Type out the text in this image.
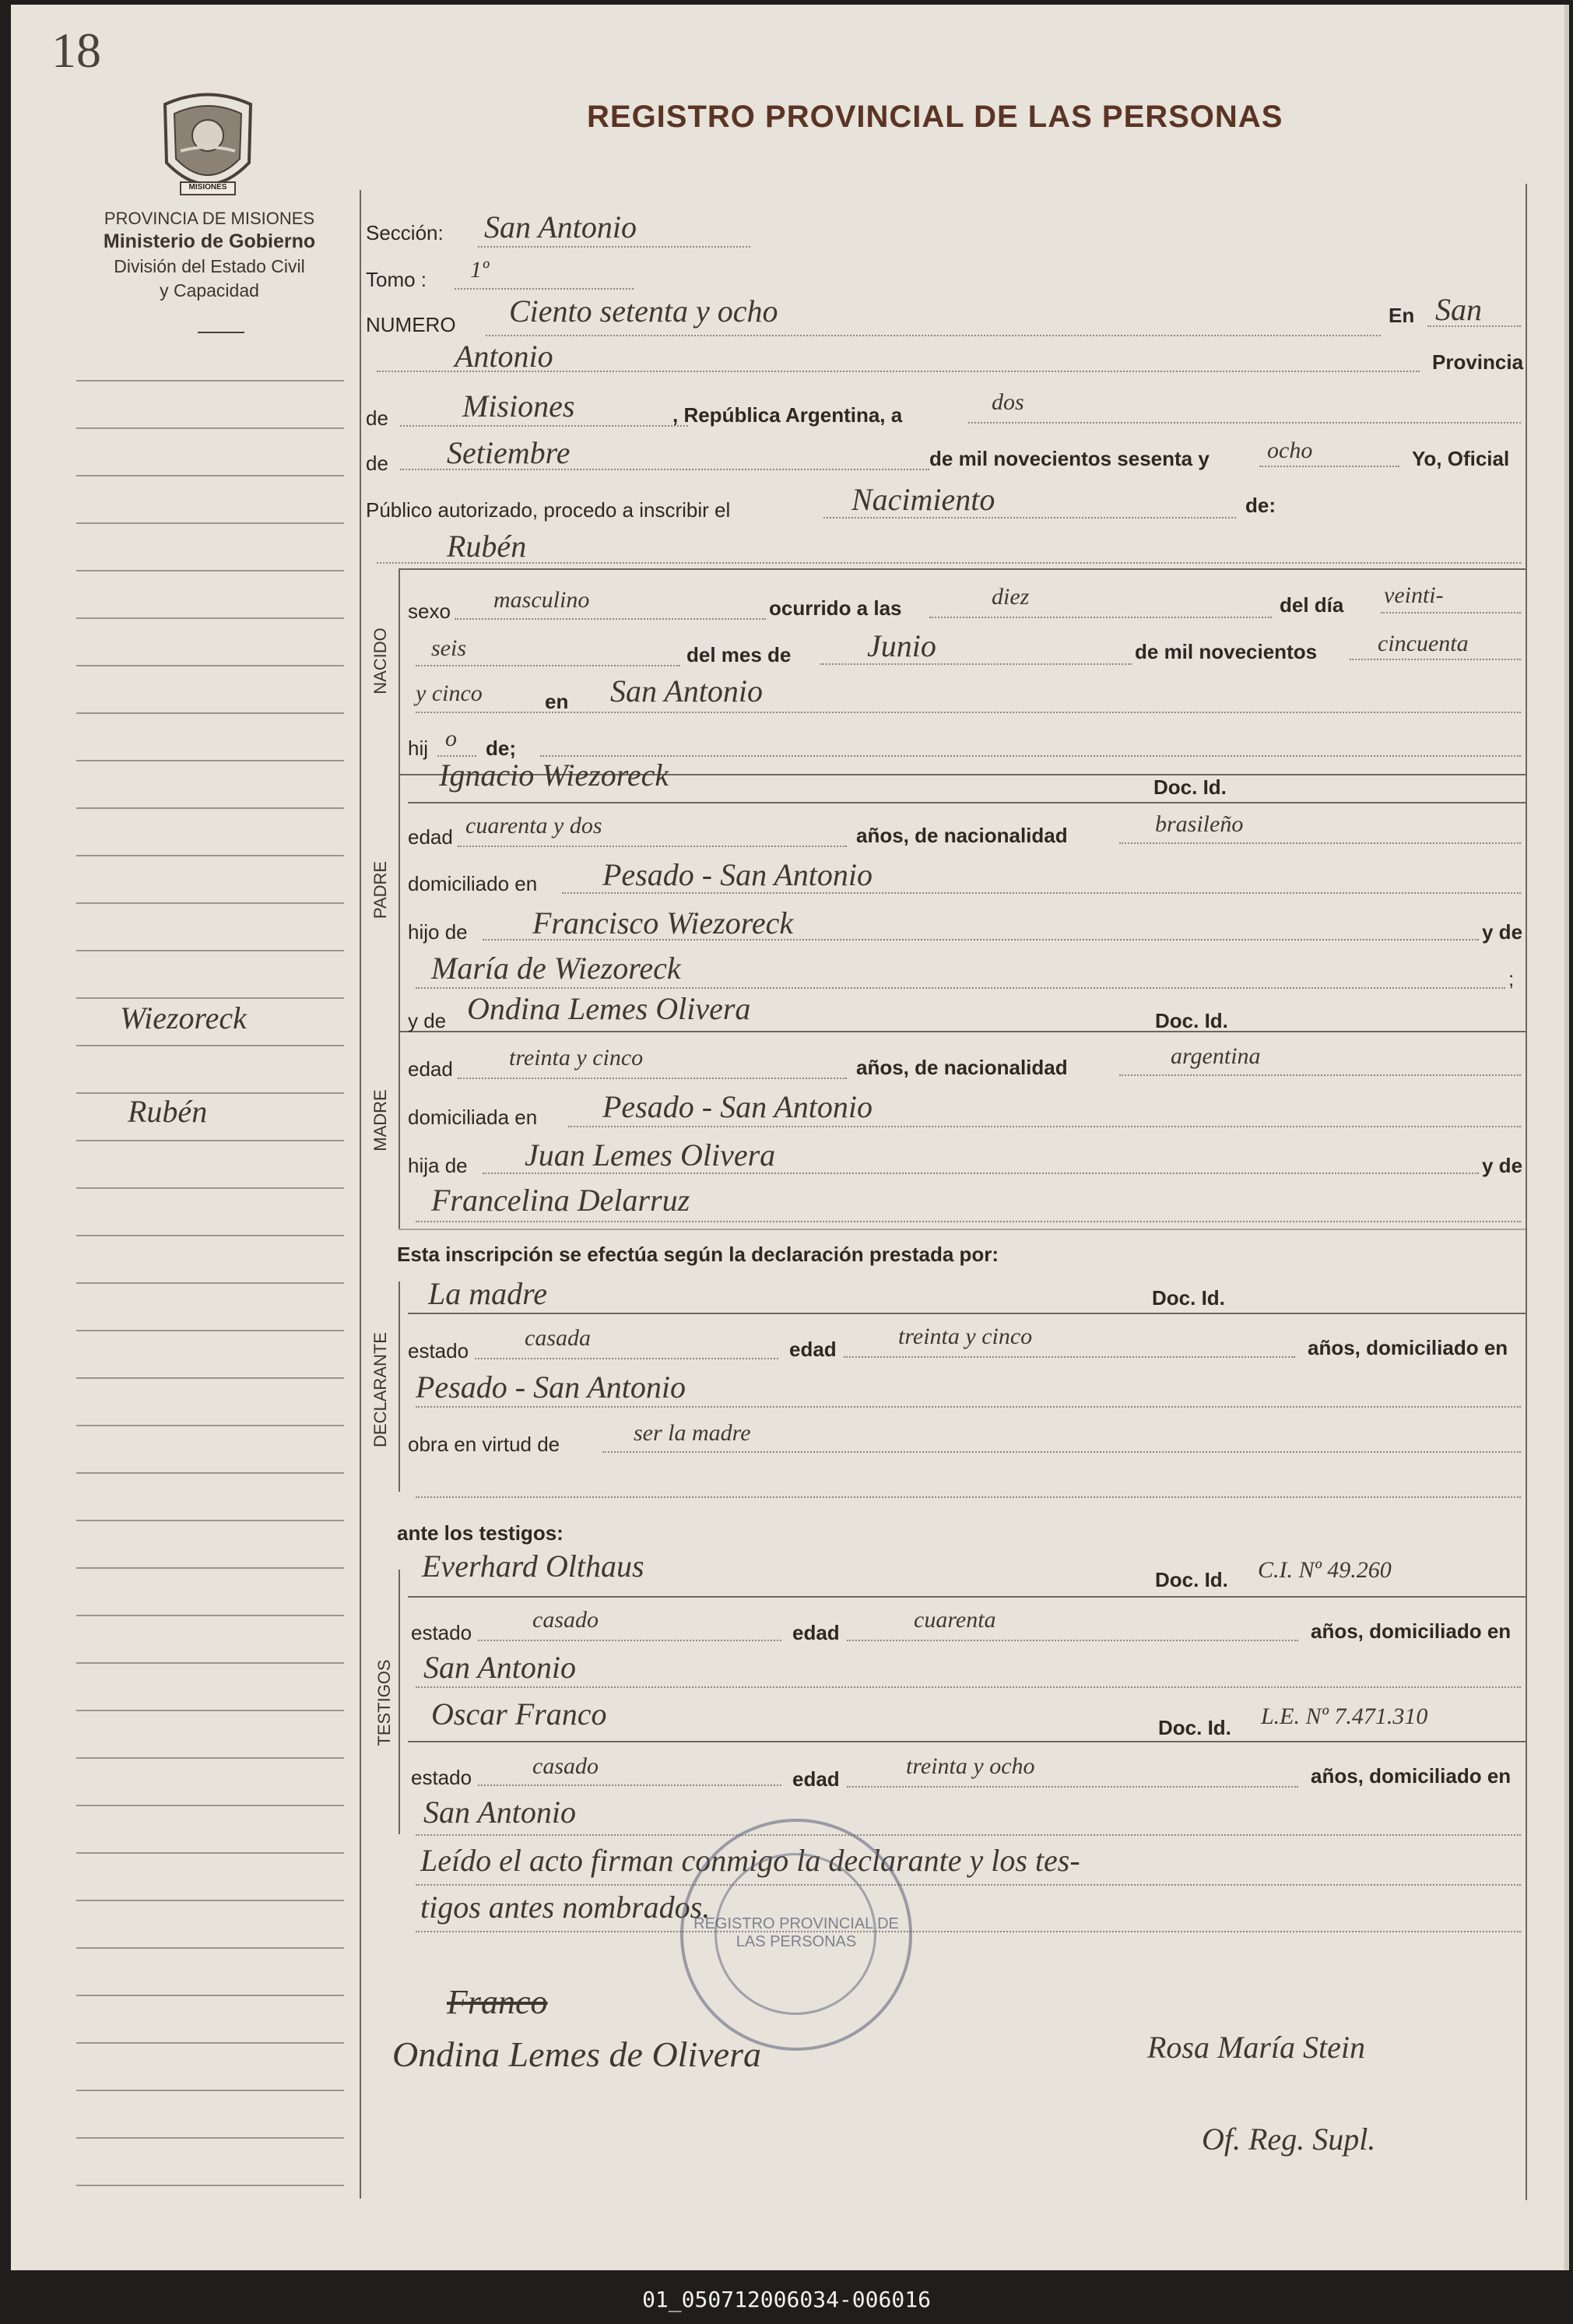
18
MISIONES
REGISTRO PROVINCIAL DE LAS PERSONAS
PROVINCIA DE MISIONES
Ministerio de Gobierno
División del Estado Civil
y Capacidad
Wiezoreck
Rubén
Sección: San Antonio
Tomo : 1º
NUMERO Ciento setenta y ocho	En San
Antonio	Provincia
de Misiones	, República Argentina, a	dos
de Setiembre	de mil novecientos sesenta y ocho	Yo, Oficial
Público autorizado, procedo a inscribir el	Nacimiento	de:
Rubén
NACIDO
sexo masculino	ocurrido a las	diez	del día veinti-
seis	del mes de Junio	de mil novecientos	cincuenta
y cinco	en San Antonio
hij o de;
PADRE
Ignacio Wiezoreck	Doc. Id.
edad cuarenta y dos	años, de nacionalidad	brasileño
domiciliado en Pesado - San Antonio
hijo de Francisco Wiezoreck	y de
María de Wiezoreck	;
MADRE
y de Ondina Lemes Olivera	Doc. Id.
edad treinta y cinco	años, de nacionalidad	argentina
domiciliada en Pesado - San Antonio
hija de Juan Lemes Olivera	y de
Francelina Delarruz
Esta inscripción se efectúa según la declaración prestada por:
DECLARANTE
La madre	Doc. Id.
estado casada	edad	treinta y cinco	años, domiciliado en
Pesado - San Antonio
obra en virtud de	ser la madre
ante los testigos:
TESTIGOS
Everhard Olthaus	Doc. Id. C.I. Nº 49.260
estado	casado	edad	cuarenta	años, domiciliado en
San Antonio
Oscar Franco	Doc. Id. L.E. Nº 7.471.310
estado	casado	edad	treinta y ocho	años, domiciliado en
San Antonio
Leído el acto firman conmigo la declarante y los tes-
tigos antes nombrados.
REGISTRO PROVINCIAL DE LAS PERSONAS
Franco
Ondina Lemes de Olivera	Rosa María Stein
Of. Reg. Supl.
01_050712006034-006016
